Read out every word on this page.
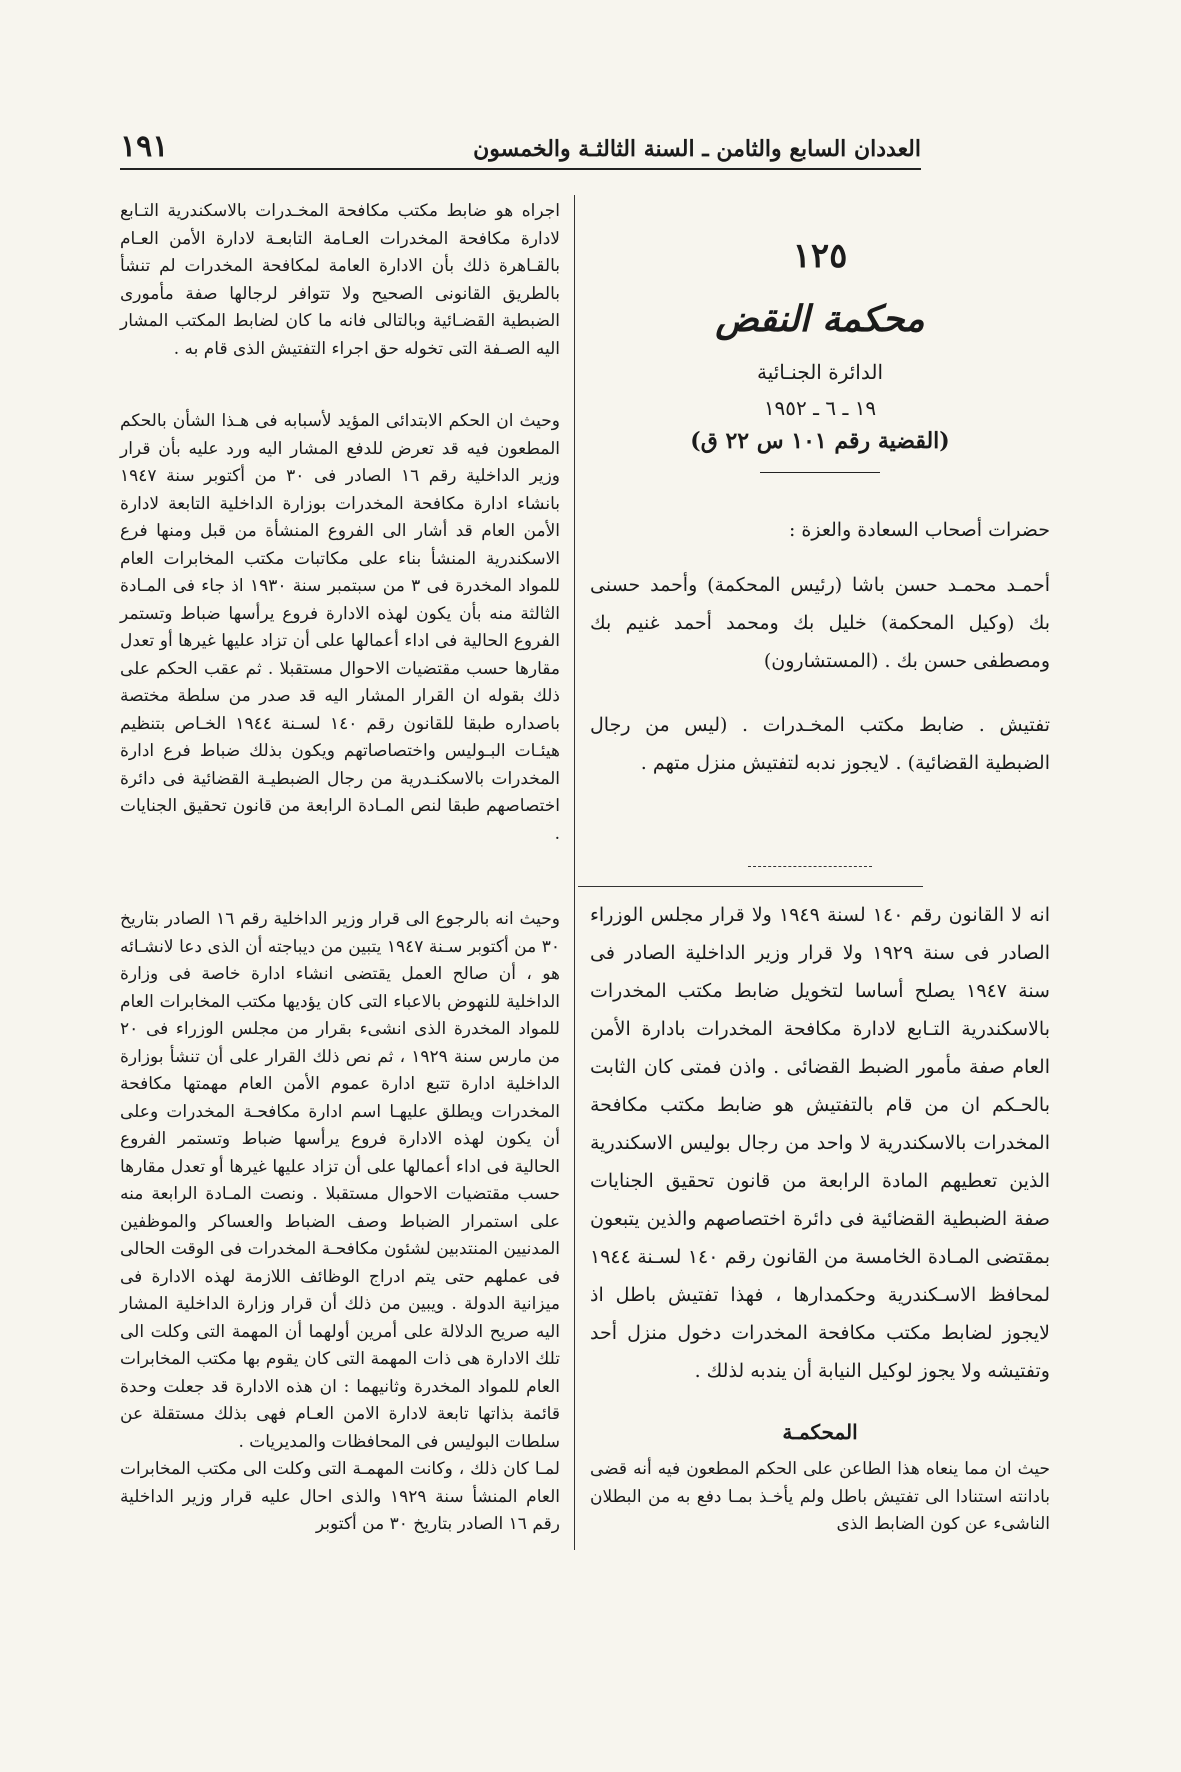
العددان السابع والثامن ـ السنة الثالثـة والخمسون
١٩١
١٢٥
محكمة النقض
الدائرة الجنـائية
١٩ ـ ٦ ـ ١٩٥٢
(القضية رقم ١٠١ س ٢٢ ق)

حضرات أصحاب السعادة والعزة :

أحمـد محمـد حسن باشا (رئيس المحكمة) وأحمد حسنى بك (وكيل المحكمة) خليل بك ومحمد أحمد غنيم بك ومصطفى حسن بك . (المستشارون)

تفتيش . ضابط مكتب المخـدرات . (ليس من رجال الضبطية القضائية) . لايجوز ندبه لتفتيش منزل متهم .

انه لا القانون رقم ١٤٠ لسنة ١٩٤٩ ولا قرار مجلس الوزراء الصادر فى سنة ١٩٢٩ ولا قرار وزير الداخلية الصادر فى سنة ١٩٤٧ يصلح أساسا لتخويل ضابط مكتب المخدرات بالاسكندرية التـابع لادارة مكافحة المخدرات بادارة الأمن العام صفة مأمور الضبط القضائى . واذن فمتى كان الثابت بالحـكم ان من قام بالتفتيش هو ضابط مكتب مكافحة المخدرات بالاسكندرية لا واحد من رجال بوليس الاسكندرية الذين تعطيهم المادة الرابعة من قانون تحقيق الجنايات صفة الضبطية القضائية فى دائرة اختصاصهم والذين يتبعون بمقتضى المـادة الخامسة من القانون رقم ١٤٠ لسـنة ١٩٤٤ لمحافظ الاسـكندرية وحكمدارها ، فهذا تفتيش باطل اذ لايجوز لضابط مكتب مكافحة المخدرات دخول منزل أحد وتفتيشه ولا يجوز لوكيل النيابة أن يندبه لذلك .

المحكمـة

حيث ان مما ينعاه هذا الطاعن على الحكم المطعون فيه أنه قضى بادانته استنادا الى تفتيش باطل ولم يأخـذ بمـا دفع به من البطلان الناشىء عن كون الضابط الذى

اجراه هو ضابط مكتب مكافحة المخـدرات بالاسكندرية التـابع لادارة مكافحة المخدرات العـامة التابعـة لادارة الأمن العـام بالقـاهرة ذلك بأن الادارة العامة لمكافحة المخدرات لم تنشأ بالطريق القانونى الصحيح ولا تتوافر لرجالها صفة مأمورى الضبطية القضـائية وبالتالى فانه ما كان لضابط المكتب المشار اليه الصـفة التى تخوله حق اجراء التفتيش الذى قام به .

وحيث ان الحكم الابتدائى المؤيد لأسبابه فى هـذا الشأن بالحكم المطعون فيه قد تعرض للدفع المشار اليه ورد عليه بأن قرار وزير الداخلية رقم ١٦ الصادر فى ٣٠ من أكتوبر سنة ١٩٤٧ بانشاء ادارة مكافحة المخدرات بوزارة الداخلية التابعة لادارة الأمن العام قد أشار الى الفروع المنشأة من قبل ومنها فرع الاسكندرية المنشأ بناء على مكاتبات مكتب المخابرات العام للمواد المخدرة فى ٣ من سبتمبر سنة ١٩٣٠ اذ جاء فى المـادة الثالثة منه بأن يكون لهذه الادارة فروع يرأسها ضباط وتستمر الفروع الحالية فى اداء أعمالها على أن تزاد عليها غيرها أو تعدل مقارها حسب مقتضيات الاحوال مستقبلا . ثم عقب الحكم على ذلك بقوله ان القرار المشار اليه قد صدر من سلطة مختصة باصداره طبقا للقانون رقم ١٤٠ لسـنة ١٩٤٤ الخـاص بتنظيم هيئـات البـوليس واختصاصاتهم ويكون بذلك ضباط فرع ادارة المخدرات بالاسكنـدرية من رجال الضبطيـة القضائية فى دائرة اختصاصهم طبقا لنص المـادة الرابعة من قانون تحقيق الجنايات .

وحيث انه بالرجوع الى قرار وزير الداخلية رقم ١٦ الصادر بتاريخ ٣٠ من أكتوبر سـنة ١٩٤٧ يتبين من ديباجته أن الذى دعا لانشـائه هو ، أن صالح العمل يقتضى انشاء ادارة خاصة فى وزارة الداخلية للنهوض بالاعباء التى كان يؤديها مكتب المخابرات العام للمواد المخدرة الذى انشىء بقرار من مجلس الوزراء فى ٢٠ من مارس سنة ١٩٢٩ ، ثم نص ذلك القرار على أن تنشأ بوزارة الداخلية ادارة تتبع ادارة عموم الأمن العام مهمتها مكافحة المخدرات ويطلق عليهـا اسم ادارة مكافحـة المخدرات وعلى أن يكون لهذه الادارة فروع يرأسها ضباط وتستمر الفروع الحالية فى اداء أعمالها على أن تزاد عليها غيرها أو تعدل مقارها حسب مقتضيات الاحوال مستقبلا . ونصت المـادة الرابعة منه على استمرار الضباط وصف الضباط والعساكر والموظفين المدنيين المنتدبين لشئون مكافحـة المخدرات فى الوقت الحالى فى عملهم حتى يتم ادراج الوظائف اللازمة لهذه الادارة فى ميزانية الدولة . ويبين من ذلك أن قرار وزارة الداخلية المشار اليه صريح الدلالة على أمرين أولهما أن المهمة التى وكلت الى تلك الادارة هى ذات المهمة التى كان يقوم بها مكتب المخابرات العام للمواد المخدرة وثانيهما : ان هذه الادارة قد جعلت وحدة قائمة بذاتها تابعة لادارة الامن العـام فهى بذلك مستقلة عن سلطات البوليس فى المحافظات والمديريات .

لمـا كان ذلك ، وكانت المهمـة التى وكلت الى مكتب المخابرات العام المنشأ سنة ١٩٢٩ والذى احال عليه قرار وزير الداخلية رقم ١٦ الصادر بتاريخ ٣٠ من أكتوبر
